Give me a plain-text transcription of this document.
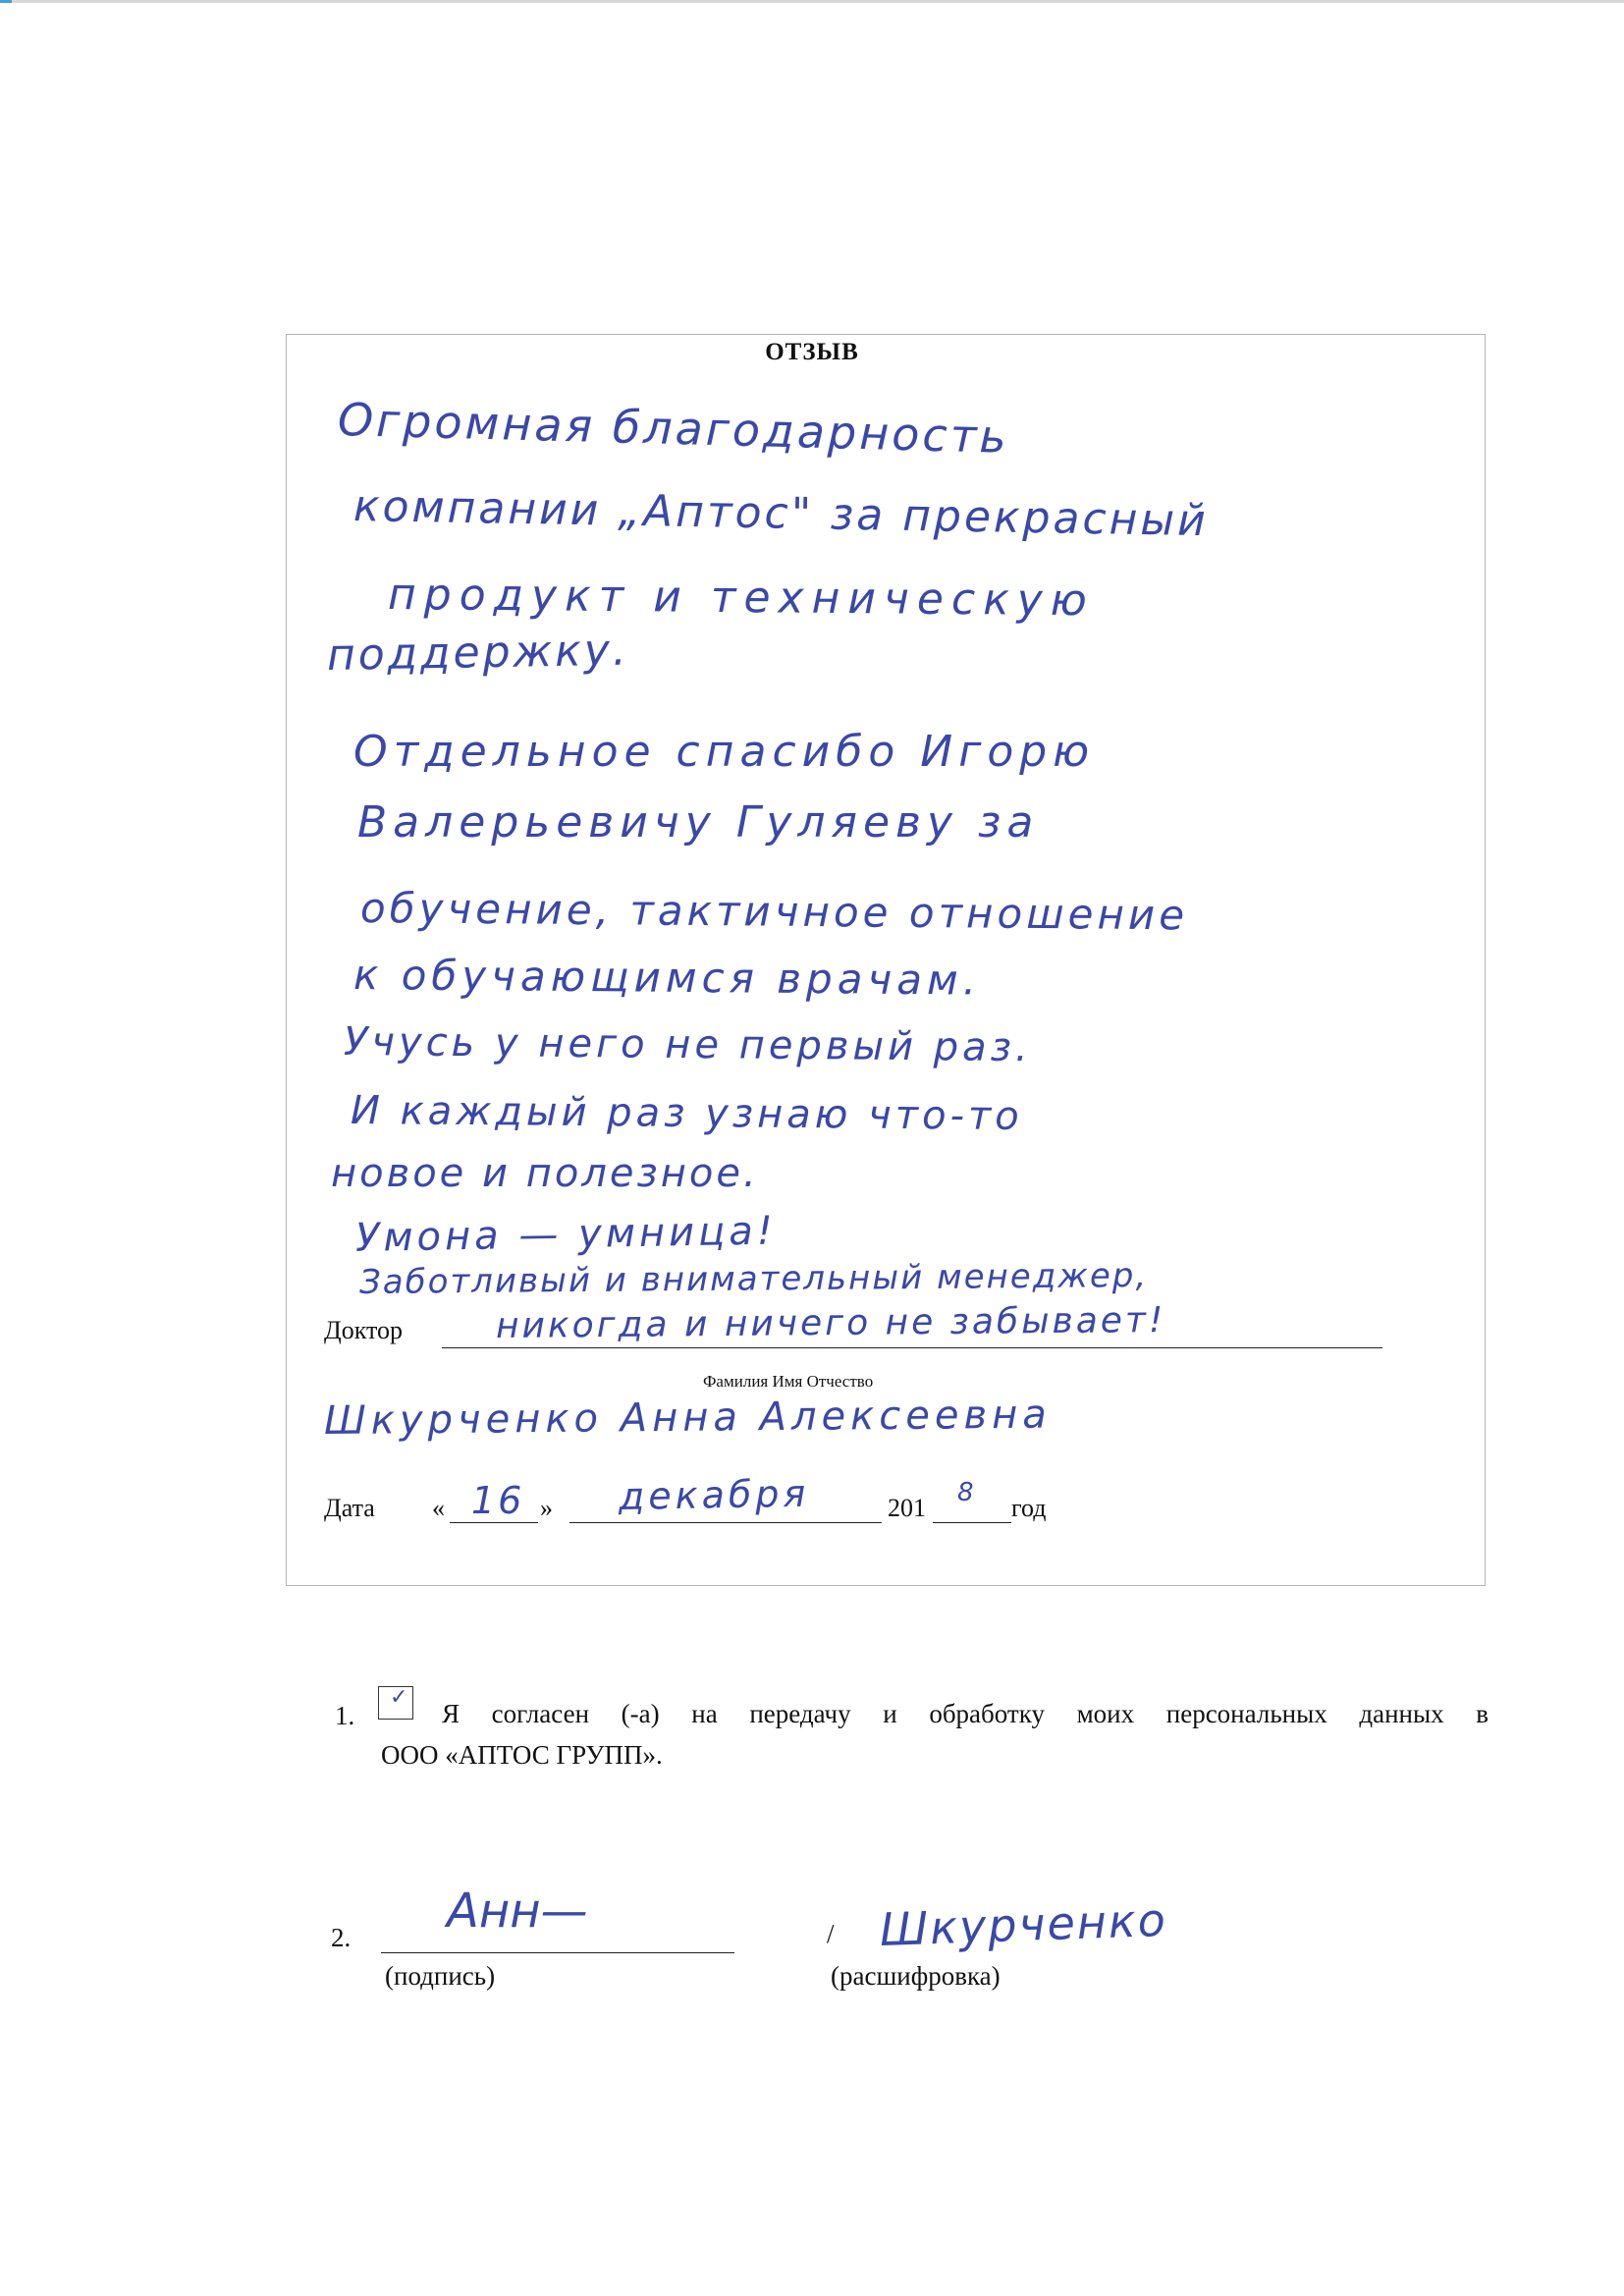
ОТЗЫВ
Огромная благодарность
компании „Аптос" за прекрасный
продукт и техническую
поддержку.
Отдельное спасибо Игорю
Валерьевичу Гуляеву за
обучение, тактичное отношение
к обучающимся врачам.
Учусь у него не первый раз.
И каждый раз узнаю что-то
новое и полезное.
Умона — умница!
Заботливый и внимательный менеджер,
Доктор	никогда и ничего не забывает!
Фамилия Имя Отчество
Шкурченко Анна Алексеевна
Дата « 16 » декабря	201
8
год
1.
✓
Я согласен (-а) на передачу и обработку моих персональных данных в
ООО «АПТОС ГРУПП».
2. Анн—
(подпись)
/ Шкурченко
(расшифровка)
